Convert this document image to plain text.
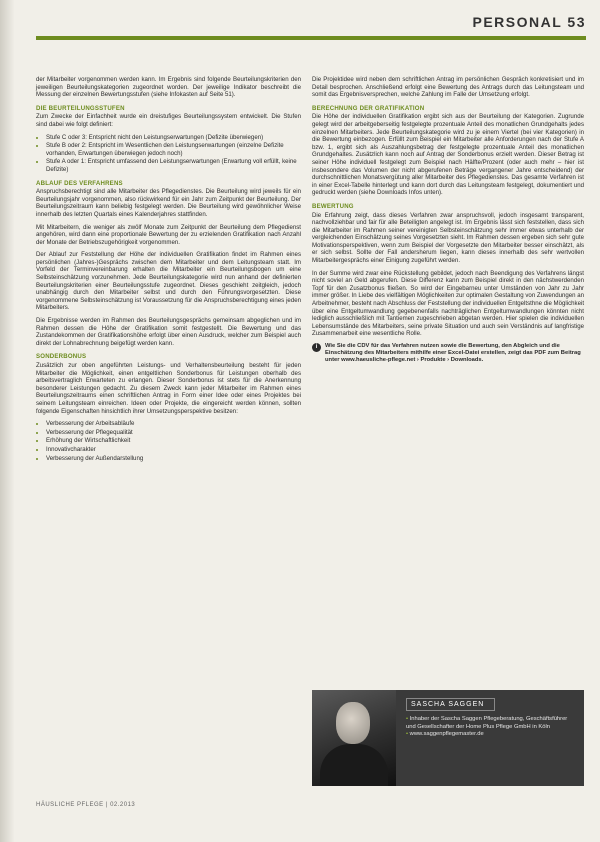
PERSONAL 53

der Mitarbeiter vorgenommen werden kann. Im Ergebnis sind folgende Beurteilungskriterien den jeweiligen Beurteilungskategorien zugeordnet worden. Der jeweilige Indikator beschreibt die Messung der einzelnen Bewertungsstufen (siehe Infokasten auf Seite 51).

DIE BEURTEILUNGSSTUFEN

Zum Zwecke der Einfachheit wurde ein dreistufiges Beurteilungssystem entwickelt. Die Stufen sind dabei wie folgt definiert:

• Stufe C oder 3: Entspricht nicht den Leistungserwartungen (Defizite überwiegen)
• Stufe B oder 2: Entspricht im Wesentlichen den Leistungserwartungen (einzelne Defizite vorhanden, Erwartungen überwiegen jedoch noch)
• Stufe A oder 1: Entspricht umfassend den Leistungserwartungen (Erwartung voll erfüllt, keine Defizite)
ABLAUF DES VERFAHRENS

Anspruchsberechtigt sind alle Mitarbeiter des Pflegedienstes. Die Beurteilung wird jeweils für ein Beurteilungsjahr vorgenommen, also rückwirkend für ein Jahr zum Zeitpunkt der Beurteilung. Der Beurteilungszeitraum kann beliebig festgelegt werden. Die Beurteilung wird gewöhnlicher Weise innerhalb des letzten Quartals eines Kalenderjahres stattfinden.

Mit Mitarbeitern, die weniger als zwölf Monate zum Zeitpunkt der Beurteilung dem Pflegedienst angehören, wird dann eine proportionale Bewertung der zu erzielenden Gratifikation nach Anzahl der Monate der Betriebszugehörigkeit vorgenommen.

Der Ablauf zur Feststellung der Höhe der individuellen Gratifikation findet im Rahmen eines persönlichen (Jahres-)Gesprächs zwischen dem Mitarbeiter und dem Leitungsteam statt. Im Vorfeld der Terminvereinbarung erhalten die Mitarbeiter ein Beurteilungsbogen um eine Selbsteinschätzung vorzunehmen. Jede Beurteilungskategorie wird nun anhand der definierten Beurteilungskriterien einer Beurteilungsstufe zugeordnet. Dieses geschieht zeitgleich, jedoch unabhängig durch den Mitarbeiter selbst und durch den Führungsvorgesetzten. Diese vorgenommene Selbsteinschätzung ist Voraussetzung für die Anspruchsberechtigung eines jeden Mitarbeiters.

Die Ergebnisse werden im Rahmen des Beurteilungsgesprächs gemeinsam abgeglichen und im Rahmen dessen die Höhe der Gratifikation somit festgestellt. Die Bewertung und das Zustandekommen der Gratifikationshöhe erfolgt über einen Ausdruck, welcher zum Beispiel auch direkt der Lohnabrechnung beigefügt werden kann.

SONDERBONUS

Zusätzlich zur oben angeführten Leistungs- und Verhaltensbeurteilung besteht für jeden Mitarbeiter die Möglichkeit, einen entgeltlichen Sonderbonus für Leistungen oberhalb des arbeitsvertraglich Erwarteten zu erlangen. Dieser Sonderbonus ist stets für die Anerkennung besonderer Leistungen gedacht. Zu diesem Zweck kann jeder Mitarbeiter im Rahmen eines Beurteilungszeitraums einen schriftlichen Antrag in Form einer Idee oder eines Projektes bei seinem Leitungsteam einreichen. Ideen oder Projekte, die eingereicht werden können, sollten folgende Eigenschaften hinsichtlich ihrer Umsetzungsperspektive besitzen:

• Verbesserung der Arbeitsabläufe
• Verbesserung der Pflegequalität
• Erhöhung der Wirtschaftlichkeit
• Innovativcharakter
• Verbesserung der Außendarstellung

Die Projektidee wird neben dem schriftlichen Antrag im persönlichen Gespräch konkretisiert und im Detail besprochen. Anschließend erfolgt eine Bewertung des Antrags durch das Leitungsteam und somit das Ergebnisversprechen, welche Zahlung im Falle der Umsetzung erfolgt.

BERECHNUNG DER GRATIFIKATION

Die Höhe der individuellen Gratifikation ergibt sich aus der Beurteilung der Kategorien. Zugrunde gelegt wird der arbeitgeberseitig festgelegte prozentuale Anteil des monatlichen Grundgehalts jedes einzelnen Mitarbeiters. Jede Beurteilungskategorie wird zu je einem Viertel (bei vier Kategorien) in die Bewertung einbezogen. Erfüllt zum Beispiel ein Mitarbeiter alle Anforderungen nach der Stufe A bzw. 1, ergibt sich als Auszahlungsbetrag der festgelegte prozentuale Anteil des monatlichen Grundgehaltes. Zusätzlich kann noch auf Antrag der Sonderbonus erzielt werden. Dieser Betrag ist seiner Höhe individuell festgelegt zum Beispiel nach Hälfte/Prozent (oder auch mehr – hier ist insbesondere das Volumen der nicht abgerufenen Beträge vergangener Jahre entscheidend) der durchschnittlichen Monatsvergütung aller Mitarbeiter des Pflegedienstes. Das gesamte Verfahren ist in einer Excel-Tabelle hinterlegt und kann dort durch das Leitungsteam festgelegt, dokumentiert und gedruckt werden (siehe Downloads Infos unten).

BEWERTUNG

Die Erfahrung zeigt, dass dieses Verfahren zwar anspruchsvoll, jedoch insgesamt transparent, nachvollziehbar und fair für alle Beteiligten angelegt ist. Im Ergebnis lässt sich feststellen, dass sich die Mitarbeiter im Rahmen seiner vereinigten Selbsteinschätzung sehr immer etwas unterhalb der vergleichenden Einschätzung seines Vorgesetzten sieht. Im Rahmen dessen ergeben sich sehr gute Motivationsperspektiven, wenn zum Beispiel der Vorgesetzte den Mitarbeiter besser einschätzt, als er sich selbst. Sollte der Fall andersherum liegen, kann dieses innerhalb des sehr wertvollen Mitarbeitergesprächs einer Einigung zugeführt werden.

In der Summe wird zwar eine Rückstellung gebildet, jedoch nach Beendigung des Verfahrens längst nicht soviel an Geld abgerufen. Diese Differenz kann zum Beispiel direkt in den nächstwerdenden Topf für den Zusatzbonus fließen. So wird der Eingebarneu unter Umständen von Jahr zu Jahr immer größer. In Liebe des vielfältigen Möglichkeiten zur optimalen Gestaltung von Zuwendungen an Arbeitnehmer, besteht nach Abschluss der Feststellung der individuellen Entgeltsthne die Möglichkeit über eine Entgeltumwandlung gegebenenfalls nachträglichen Entgeltumwandlungen könnten nicht lediglich ausschließlich mit Tantiemen zugeschrieben abgetan werden. Hier spielen die individuellen Lebensumstände des Mitarbeiters, seine private Situation und auch sein Verständnis auf langfristige Zusammenarbeit eine wesentliche Rolle.

i	Wie Sie die CDV für das Verfahren nutzen sowie die Bewertung, den Abgleich und die Einschätzung des Mitarbeiters mithilfe einer Excel-Datei erstellen, zeigt das PDF zum Beitrag unter www.haeusliche-pflege.net › Produkte › Downloads.
SASCHA SAGGEN
• Inhaber der Sascha Saggen Pflegeberatung, Geschäftsführer und Gesellschafter der Home Plus Pflege GmbH in Köln
• www.saggenpflegemaster.de
HÄUSLICHE PFLEGE | 02.2013
